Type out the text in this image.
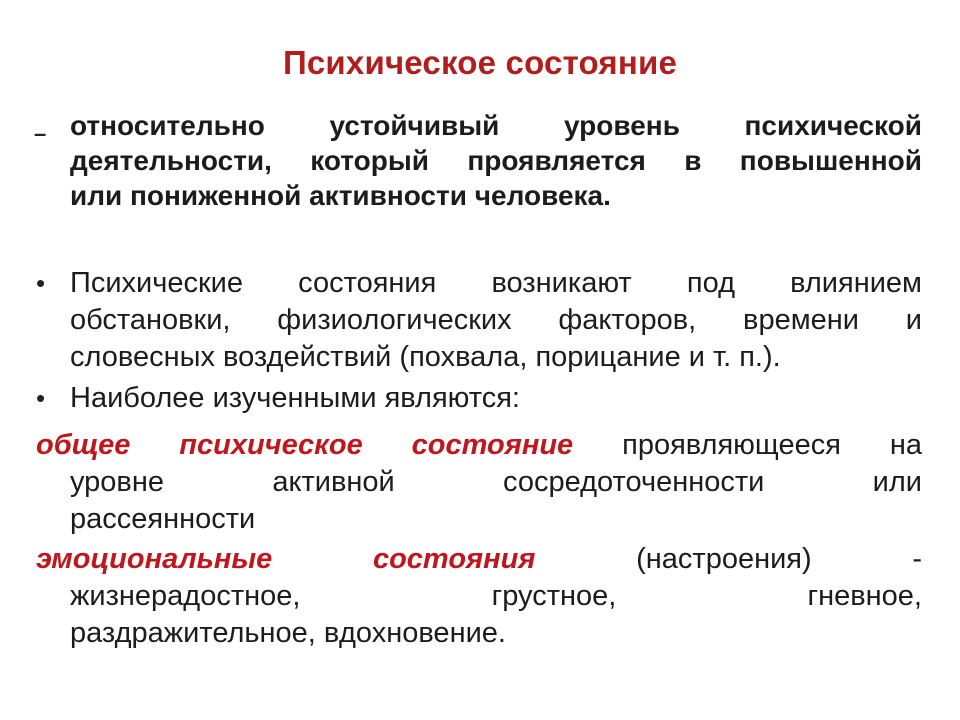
Психическое состояние
– относительно устойчивый уровень психической
деятельности, который проявляется в повышенной
или пониженной активности человека.
• Психические состояния возникают под влиянием
обстановки, физиологических факторов, времени и
словесных воздействий (похвала, порицание и т. п.).
• Наиболее изученными являются:
общее психическое состояние проявляющееся на
уровне активной сосредоточенности или
рассеянности
эмоциональные состояния	(настроения) -
жизнерадостное, грустное, гневное,
раздражительное, вдохновение.
